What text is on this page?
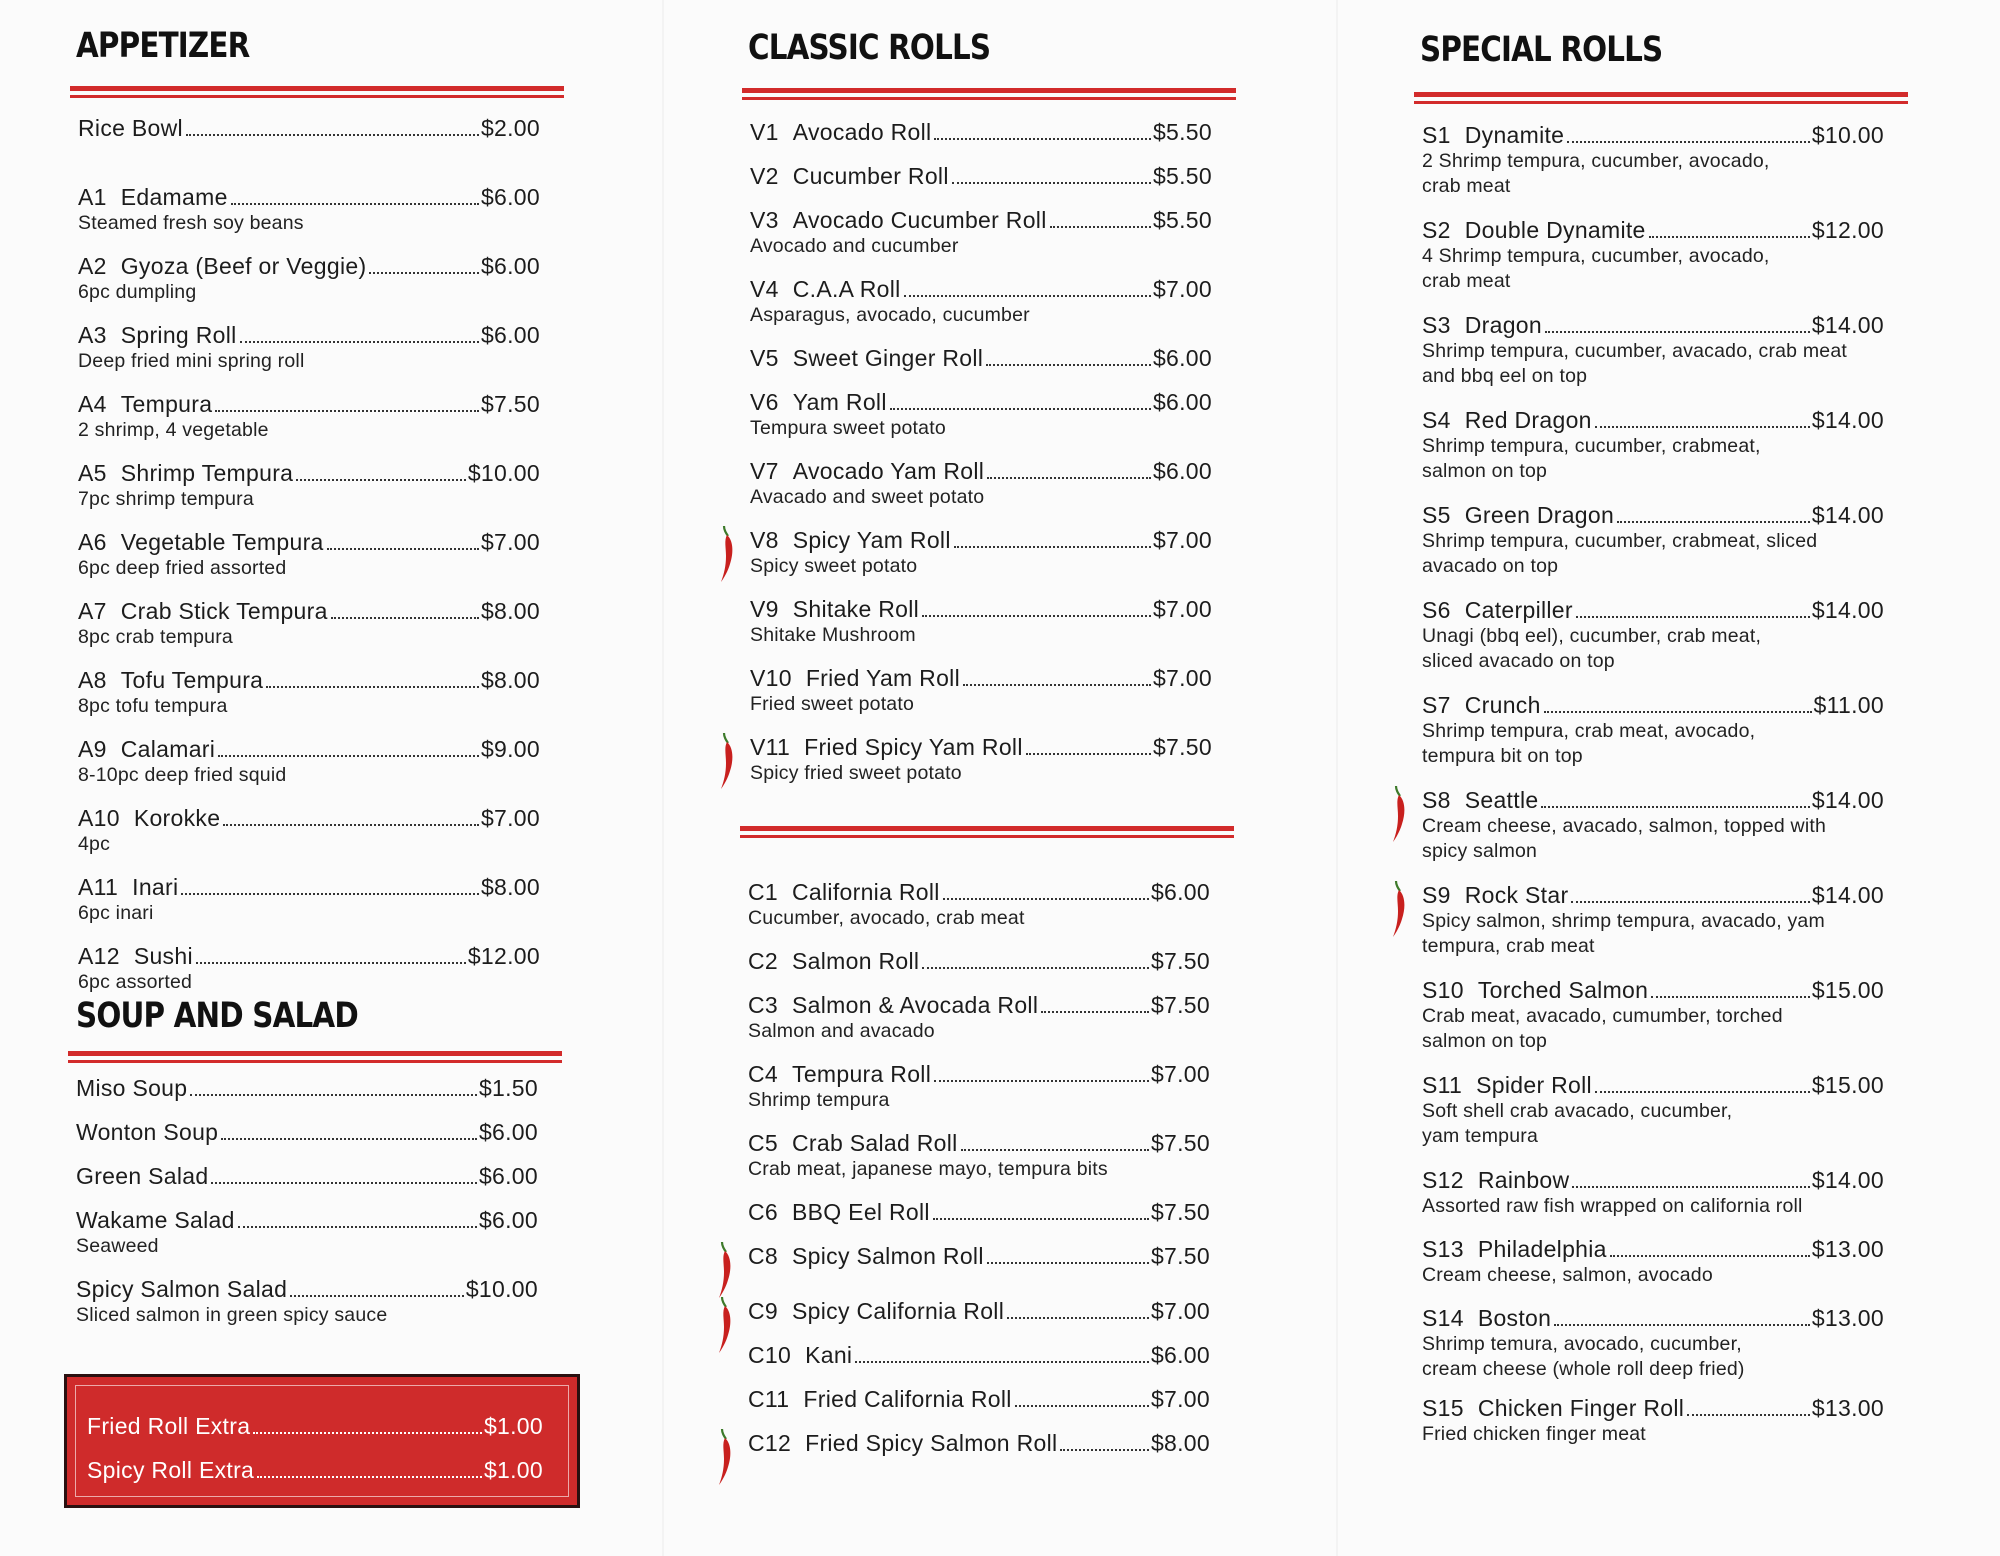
APPETIZER
Rice Bowl	$2.00
A1 Edamame	$6.00
Steamed fresh soy beans
A2 Gyoza (Beef or Veggie)	$6.00
6pc dumpling
A3 Spring Roll	$6.00
Deep fried mini spring roll
A4 Tempura	$7.50
2 shrimp, 4 vegetable
A5 Shrimp Tempura	$10.00
7pc shrimp tempura
A6 Vegetable Tempura	$7.00
6pc deep fried assorted
A7 Crab Stick Tempura	$8.00
8pc crab tempura
A8 Tofu Tempura	$8.00
8pc tofu tempura
A9 Calamari	$9.00
8-10pc deep fried squid
A10 Korokke	$7.00
4pc
A11 Inari	$8.00
6pc inari
A12 Sushi	$12.00
6pc assorted
SOUP AND SALAD
Miso Soup	$1.50
Wonton Soup	$6.00
Green Salad	$6.00
Wakame Salad	$6.00
Seaweed
Spicy Salmon Salad	$10.00
Sliced salmon in green spicy sauce
Fried Roll Extra	$1.00
Spicy Roll Extra	$1.00
CLASSIC ROLLS
V1 Avocado Roll	$5.50
V2 Cucumber Roll	$5.50
V3 Avocado Cucumber Roll	$5.50
Avocado and cucumber
V4 C.A.A Roll	$7.00
Asparagus, avocado, cucumber
V5 Sweet Ginger Roll	$6.00
V6 Yam Roll	$6.00
Tempura sweet potato
V7 Avocado Yam Roll	$6.00
Avacado and sweet potato
V8 Spicy Yam Roll	$7.00
Spicy sweet potato
V9 Shitake Roll	$7.00
Shitake Mushroom
V10 Fried Yam Roll	$7.00
Fried sweet potato
V11 Fried Spicy Yam Roll	$7.50
Spicy fried sweet potato
C1 California Roll	$6.00
Cucumber, avocado, crab meat
C2 Salmon Roll	$7.50
C3 Salmon & Avocada Roll	$7.50
Salmon and avacado
C4 Tempura Roll	$7.00
Shrimp tempura
C5 Crab Salad Roll	$7.50
Crab meat, japanese mayo, tempura bits
C6 BBQ Eel Roll	$7.50
C8 Spicy Salmon Roll	$7.50
C9 Spicy California Roll	$7.00
C10 Kani	$6.00
C11 Fried California Roll	$7.00
C12 Fried Spicy Salmon Roll	$8.00
SPECIAL ROLLS
S1 Dynamite	$10.00
2 Shrimp tempura, cucumber, avocado,
crab meat
S2 Double Dynamite	$12.00
4 Shrimp tempura, cucumber, avocado,
crab meat
S3 Dragon	$14.00
Shrimp tempura, cucumber, avacado, crab meat
and bbq eel on top
S4 Red Dragon	$14.00
Shrimp tempura, cucumber, crabmeat,
salmon on top
S5 Green Dragon	$14.00
Shrimp tempura, cucumber, crabmeat, sliced
avacado on top
S6 Caterpiller	$14.00
Unagi (bbq eel), cucumber, crab meat,
sliced avacado on top
S7 Crunch	$11.00
Shrimp tempura, crab meat, avocado,
tempura bit on top
S8 Seattle	$14.00
Cream cheese, avacado, salmon, topped with
spicy salmon
S9 Rock Star	$14.00
Spicy salmon, shrimp tempura, avacado, yam
tempura, crab meat
S10 Torched Salmon	$15.00
Crab meat, avacado, cumumber, torched
salmon on top
S11 Spider Roll	$15.00
Soft shell crab avacado, cucumber,
yam tempura
S12 Rainbow	$14.00
Assorted raw fish wrapped on california roll
S13 Philadelphia	$13.00
Cream cheese, salmon, avocado
S14 Boston	$13.00
Shrimp temura, avocado, cucumber,
cream cheese (whole roll deep fried)
S15 Chicken Finger Roll	$13.00
Fried chicken finger meat
